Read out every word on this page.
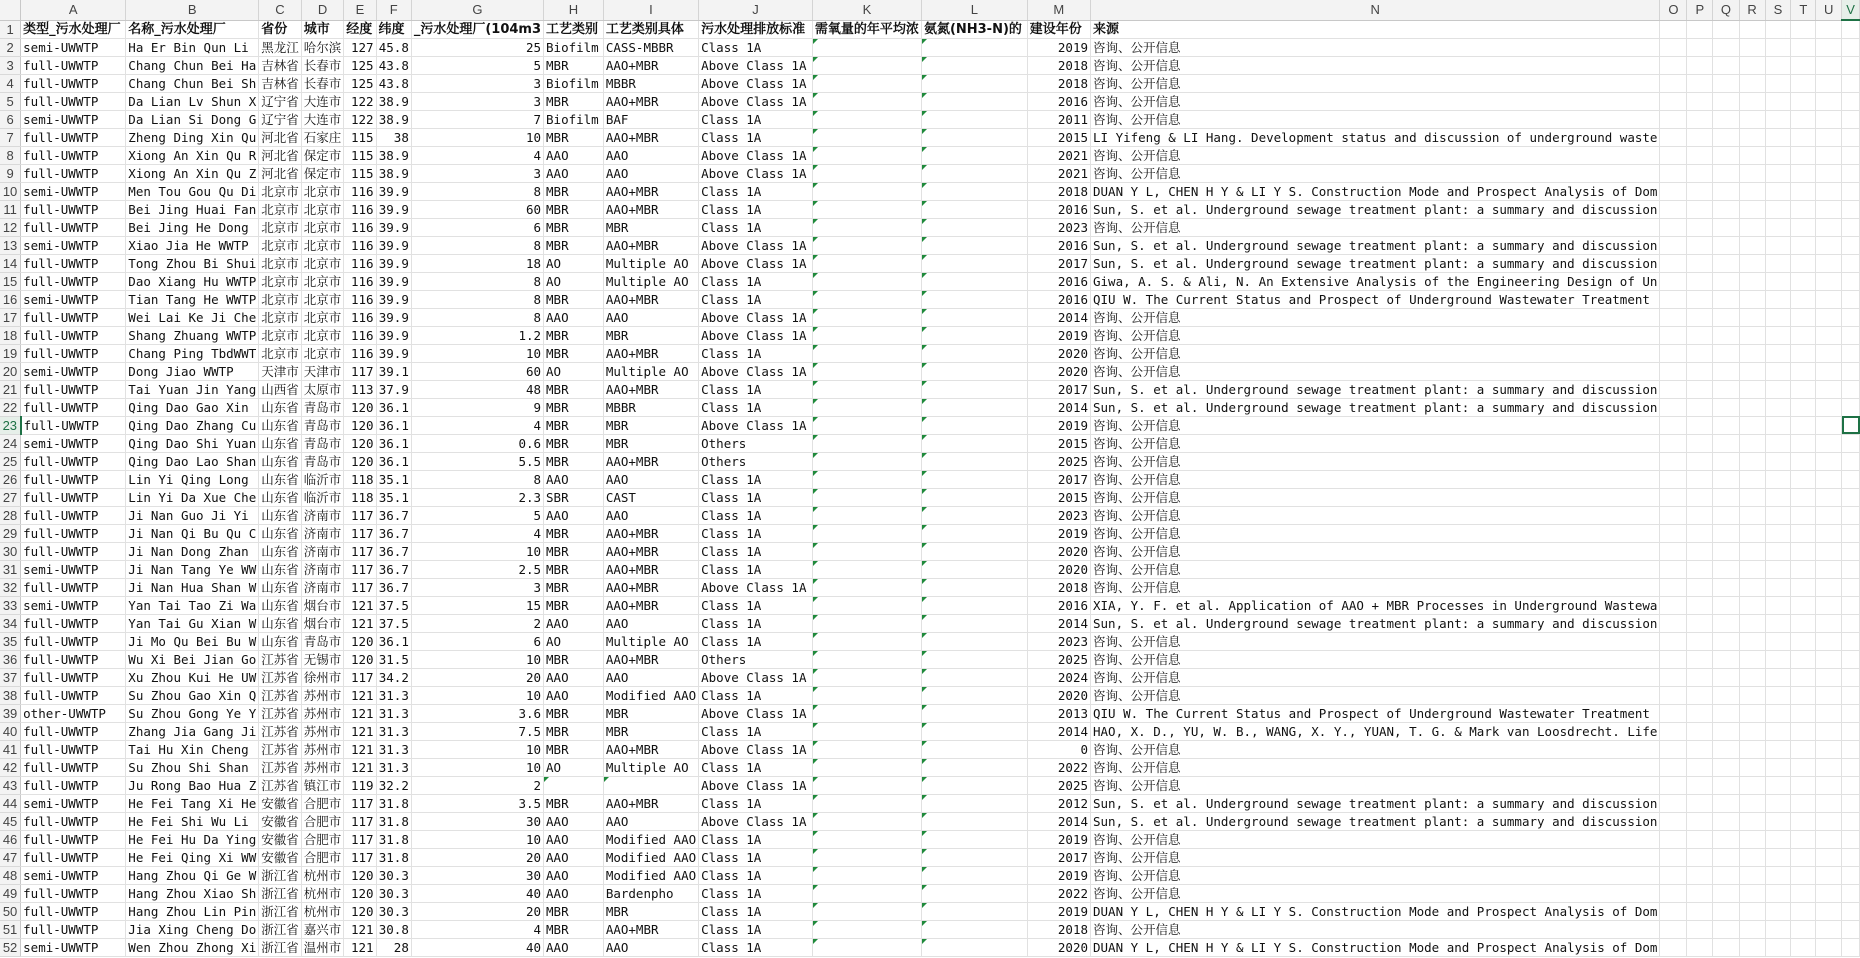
	A	B	C	D	E	F	G	H	I	J	K	L	M	N	O	P	Q	R	S	T	U	V
1	类型_污水处理厂	名称_污水处理厂	省份	城市	经度	纬度	_污水处理厂(104m3	工艺类别	工艺类别具体	污水处理排放标准	需氧量的年平均浓	氨氮(NH3-N)的	建设年份	来源								
2	semi-UWWTP	Ha Er Bin Qun Li	黑龙江	哈尔滨	127	45.8	25	Biofilm	CASS-MBBR	Class 1A			2019	咨询、公开信息								
3	full-UWWTP	Chang Chun Bei Ha	吉林省	长春市	125	43.8	5	MBR	AAO+MBR	Above Class 1A			2018	咨询、公开信息								
4	full-UWWTP	Chang Chun Bei Sh	吉林省	长春市	125	43.8	3	Biofilm	MBBR	Above Class 1A			2018	咨询、公开信息								
5	full-UWWTP	Da Lian Lv Shun X	辽宁省	大连市	122	38.9	3	MBR	AAO+MBR	Above Class 1A			2016	咨询、公开信息								
6	semi-UWWTP	Da Lian Si Dong G	辽宁省	大连市	122	38.9	7	Biofilm	BAF	Class 1A			2011	咨询、公开信息								
7	full-UWWTP	Zheng Ding Xin Qu	河北省	石家庄	115	38	10	MBR	AAO+MBR	Class 1A			2015	LI Yifeng & LI Hang. Development status and discussion of underground waste								
8	full-UWWTP	Xiong An Xin Qu R	河北省	保定市	115	38.9	4	AAO	AAO	Above Class 1A			2021	咨询、公开信息								
9	full-UWWTP	Xiong An Xin Qu Z	河北省	保定市	115	38.9	3	AAO	AAO	Above Class 1A			2021	咨询、公开信息								
10	semi-UWWTP	Men Tou Gou Qu Di	北京市	北京市	116	39.9	8	MBR	AAO+MBR	Class 1A			2018	DUAN Y L, CHEN H Y & LI Y S. Construction Mode and Prospect Analysis of Dom								
11	full-UWWTP	Bei Jing Huai Fan	北京市	北京市	116	39.9	60	MBR	AAO+MBR	Class 1A			2016	Sun, S. et al. Underground sewage treatment plant: a summary and discussion								
12	full-UWWTP	Bei Jing He Dong	北京市	北京市	116	39.9	6	MBR	MBR	Class 1A			2023	咨询、公开信息								
13	semi-UWWTP	Xiao Jia He WWTP	北京市	北京市	116	39.9	8	MBR	AAO+MBR	Above Class 1A			2016	Sun, S. et al. Underground sewage treatment plant: a summary and discussion								
14	full-UWWTP	Tong Zhou Bi Shui	北京市	北京市	116	39.9	18	AO	Multiple AO	Above Class 1A			2017	Sun, S. et al. Underground sewage treatment plant: a summary and discussion								
15	full-UWWTP	Dao Xiang Hu WWTP	北京市	北京市	116	39.9	8	AO	Multiple AO	Class 1A			2016	Giwa, A. S. & Ali, N. An Extensive Analysis of the Engineering Design of Un								
16	semi-UWWTP	Tian Tang He WWTP	北京市	北京市	116	39.9	8	MBR	AAO+MBR	Class 1A			2016	QIU W. The Current Status and Prospect of Underground Wastewater Treatment								
17	full-UWWTP	Wei Lai Ke Ji Che	北京市	北京市	116	39.9	8	AAO	AAO	Above Class 1A			2014	咨询、公开信息								
18	full-UWWTP	Shang Zhuang WWTP	北京市	北京市	116	39.9	1.2	MBR	MBR	Above Class 1A			2019	咨询、公开信息								
19	full-UWWTP	Chang Ping TbdWWT	北京市	北京市	116	39.9	10	MBR	AAO+MBR	Class 1A			2020	咨询、公开信息								
20	semi-UWWTP	Dong Jiao WWTP	天津市	天津市	117	39.1	60	AO	Multiple AO	Above Class 1A			2020	咨询、公开信息								
21	full-UWWTP	Tai Yuan Jin Yang	山西省	太原市	113	37.9	48	MBR	AAO+MBR	Class 1A			2017	Sun, S. et al. Underground sewage treatment plant: a summary and discussion								
22	full-UWWTP	Qing Dao Gao Xin	山东省	青岛市	120	36.1	9	MBR	MBBR	Class 1A			2014	Sun, S. et al. Underground sewage treatment plant: a summary and discussion								
23	full-UWWTP	Qing Dao Zhang Cu	山东省	青岛市	120	36.1	4	MBR	MBR	Above Class 1A			2019	咨询、公开信息								
24	semi-UWWTP	Qing Dao Shi Yuan	山东省	青岛市	120	36.1	0.6	MBR	MBR	Others			2015	咨询、公开信息								
25	full-UWWTP	Qing Dao Lao Shan	山东省	青岛市	120	36.1	5.5	MBR	AAO+MBR	Others			2025	咨询、公开信息								
26	full-UWWTP	Lin Yi Qing Long	山东省	临沂市	118	35.1	8	AAO	AAO	Class 1A			2017	咨询、公开信息								
27	full-UWWTP	Lin Yi Da Xue Che	山东省	临沂市	118	35.1	2.3	SBR	CAST	Class 1A			2015	咨询、公开信息								
28	full-UWWTP	Ji Nan Guo Ji Yi	山东省	济南市	117	36.7	5	AAO	AAO	Class 1A			2023	咨询、公开信息								
29	full-UWWTP	Ji Nan Qi Bu Qu C	山东省	济南市	117	36.7	4	MBR	AAO+MBR	Class 1A			2019	咨询、公开信息								
30	full-UWWTP	Ji Nan Dong Zhan	山东省	济南市	117	36.7	10	MBR	AAO+MBR	Class 1A			2020	咨询、公开信息								
31	semi-UWWTP	Ji Nan Tang Ye WW	山东省	济南市	117	36.7	2.5	MBR	AAO+MBR	Class 1A			2020	咨询、公开信息								
32	full-UWWTP	Ji Nan Hua Shan W	山东省	济南市	117	36.7	3	MBR	AAO+MBR	Above Class 1A			2018	咨询、公开信息								
33	semi-UWWTP	Yan Tai Tao Zi Wa	山东省	烟台市	121	37.5	15	MBR	AAO+MBR	Class 1A			2016	XIA, Y. F. et al. Application of AAO + MBR Processes in Underground Wastewa								
34	full-UWWTP	Yan Tai Gu Xian W	山东省	烟台市	121	37.5	2	AAO	AAO	Class 1A			2014	Sun, S. et al. Underground sewage treatment plant: a summary and discussion								
35	full-UWWTP	Ji Mo Qu Bei Bu W	山东省	青岛市	120	36.1	6	AO	Multiple AO	Class 1A			2023	咨询、公开信息								
36	full-UWWTP	Wu Xi Bei Jian Go	江苏省	无锡市	120	31.5	10	MBR	AAO+MBR	Others			2025	咨询、公开信息								
37	full-UWWTP	Xu Zhou Kui He UW	江苏省	徐州市	117	34.2	20	AAO	AAO	Above Class 1A			2024	咨询、公开信息								
38	full-UWWTP	Su Zhou Gao Xin Q	江苏省	苏州市	121	31.3	10	AAO	Modified AAO	Class 1A			2020	咨询、公开信息								
39	other-UWWTP	Su Zhou Gong Ye Y	江苏省	苏州市	121	31.3	3.6	MBR	MBR	Above Class 1A			2013	QIU W. The Current Status and Prospect of Underground Wastewater Treatment								
40	full-UWWTP	Zhang Jia Gang Ji	江苏省	苏州市	121	31.3	7.5	MBR	MBR	Class 1A			2014	HAO, X. D., YU, W. B., WANG, X. Y., YUAN, T. G. & Mark van Loosdrecht. Life								
41	full-UWWTP	Tai Hu Xin Cheng	江苏省	苏州市	121	31.3	10	MBR	AAO+MBR	Above Class 1A			0	咨询、公开信息								
42	full-UWWTP	Su Zhou Shi Shan	江苏省	苏州市	121	31.3	10	AO	Multiple AO	Class 1A			2022	咨询、公开信息								
43	full-UWWTP	Ju Rong Bao Hua Z	江苏省	镇江市	119	32.2	2			Above Class 1A			2025	咨询、公开信息								
44	semi-UWWTP	He Fei Tang Xi He	安徽省	合肥市	117	31.8	3.5	MBR	AAO+MBR	Class 1A			2012	Sun, S. et al. Underground sewage treatment plant: a summary and discussion								
45	full-UWWTP	He Fei Shi Wu Li	安徽省	合肥市	117	31.8	30	AAO	AAO	Above Class 1A			2014	Sun, S. et al. Underground sewage treatment plant: a summary and discussion								
46	full-UWWTP	He Fei Hu Da Ying	安徽省	合肥市	117	31.8	10	AAO	Modified AAO	Class 1A			2019	咨询、公开信息								
47	full-UWWTP	He Fei Qing Xi WW	安徽省	合肥市	117	31.8	20	AAO	Modified AAO	Class 1A			2017	咨询、公开信息								
48	semi-UWWTP	Hang Zhou Qi Ge W	浙江省	杭州市	120	30.3	30	AAO	Modified AAO	Class 1A			2019	咨询、公开信息								
49	full-UWWTP	Hang Zhou Xiao Sh	浙江省	杭州市	120	30.3	40	AAO	Bardenpho	Class 1A			2022	咨询、公开信息								
50	full-UWWTP	Hang Zhou Lin Pin	浙江省	杭州市	120	30.3	20	MBR	MBR	Class 1A			2019	DUAN Y L, CHEN H Y & LI Y S. Construction Mode and Prospect Analysis of Dom								
51	full-UWWTP	Jia Xing Cheng Do	浙江省	嘉兴市	121	30.8	4	MBR	AAO+MBR	Class 1A			2018	咨询、公开信息								
52	semi-UWWTP	Wen Zhou Zhong Xi	浙江省	温州市	121	28	40	AAO	AAO	Class 1A			2020	DUAN Y L, CHEN H Y & LI Y S. Construction Mode and Prospect Analysis of Dom								
